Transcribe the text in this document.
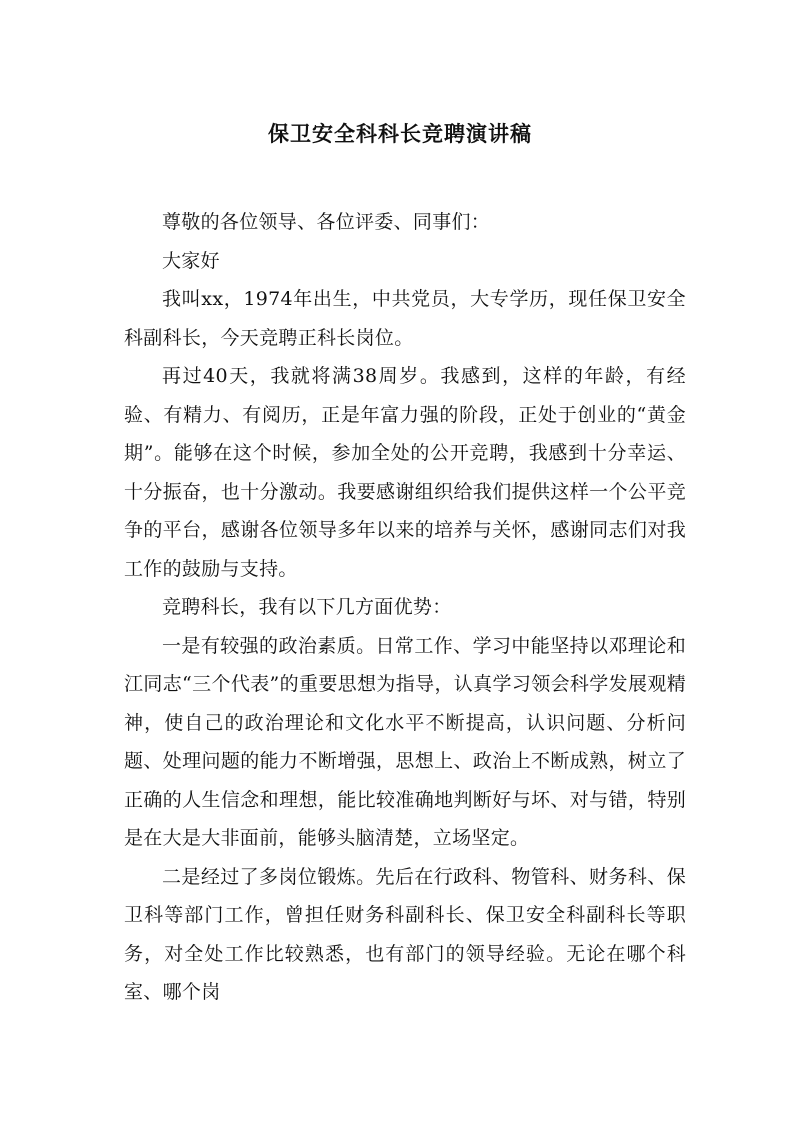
保卫安全科科长竞聘演讲稿

尊敬的各位领导、各位评委、同事们：

大家好

我叫xx，1974年出生，中共党员，大专学历，现任保卫安全科副科长，今天竞聘正科长岗位。

再过40天，我就将满38周岁。我感到，这样的年龄，有经验、有精力、有阅历，正是年富力强的阶段，正处于创业的“黄金期”。能够在这个时候，参加全处的公开竞聘，我感到十分幸运、十分振奋，也十分激动。我要感谢组织给我们提供这样一个公平竞争的平台，感谢各位领导多年以来的培养与关怀，感谢同志们对我工作的鼓励与支持。

竞聘科长，我有以下几方面优势：

一是有较强的政治素质。日常工作、学习中能坚持以邓理论和江同志“三个代表”的重要思想为指导，认真学习领会科学发展观精神，使自己的政治理论和文化水平不断提高，认识问题、分析问题、处理问题的能力不断增强，思想上、政治上不断成熟，树立了正确的人生信念和理想，能比较准确地判断好与坏、对与错，特别是在大是大非面前，能够头脑清楚，立场坚定。

二是经过了多岗位锻炼。先后在行政科、物管科、财务科、保卫科等部门工作，曾担任财务科副科长、保卫安全科副科长等职务，对全处工作比较熟悉，也有部门的领导经验。无论在哪个科室、哪个岗
